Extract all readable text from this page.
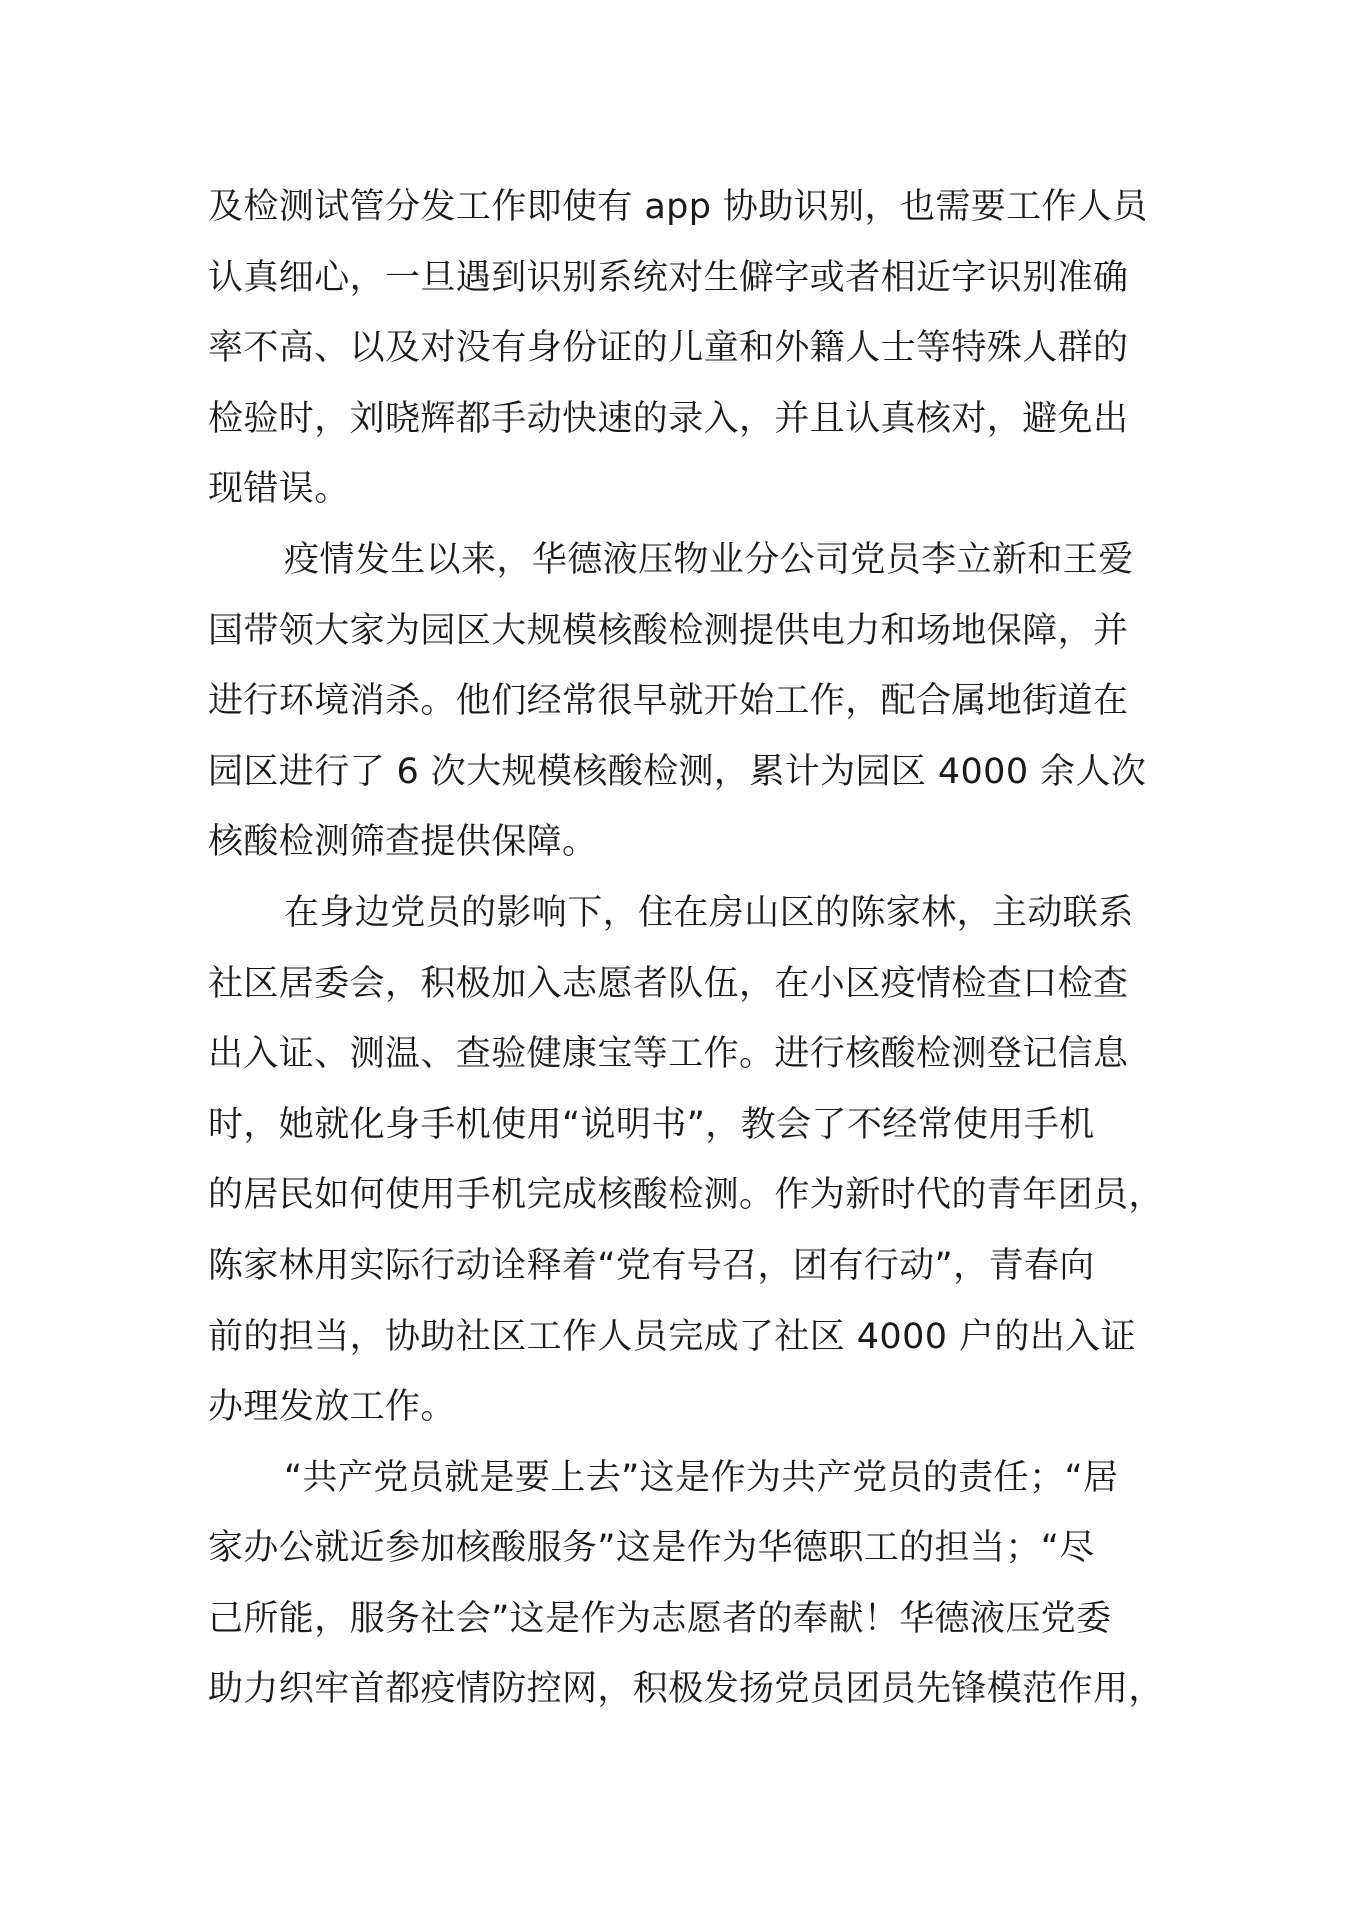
及检测试管分发工作即使有 app 协助识别，也需要工作人员
认真细心，一旦遇到识别系统对生僻字或者相近字识别准确
率不高、以及对没有身份证的儿童和外籍人士等特殊人群的
检验时，刘晓辉都手动快速的录入，并且认真核对，避免出
现错误。
疫情发生以来，华德液压物业分公司党员李立新和王爱
国带领大家为园区大规模核酸检测提供电力和场地保障，并
进行环境消杀。他们经常很早就开始工作，配合属地街道在
园区进行了 6 次大规模核酸检测，累计为园区 4000 余人次
核酸检测筛查提供保障。
在身边党员的影响下，住在房山区的陈家林，主动联系
社区居委会，积极加入志愿者队伍，在小区疫情检查口检查
出入证、测温、查验健康宝等工作。进行核酸检测登记信息
时，她就化身手机使用“说明书”，教会了不经常使用手机
的居民如何使用手机完成核酸检测。作为新时代的青年团员，
陈家林用实际行动诠释着“党有号召，团有行动”，青春向
前的担当，协助社区工作人员完成了社区 4000 户的出入证
办理发放工作。
“共产党员就是要上去”这是作为共产党员的责任；“居
家办公就近参加核酸服务”这是作为华德职工的担当；“尽
己所能，服务社会”这是作为志愿者的奉献！华德液压党委
助力织牢首都疫情防控网，积极发扬党员团员先锋模范作用，
